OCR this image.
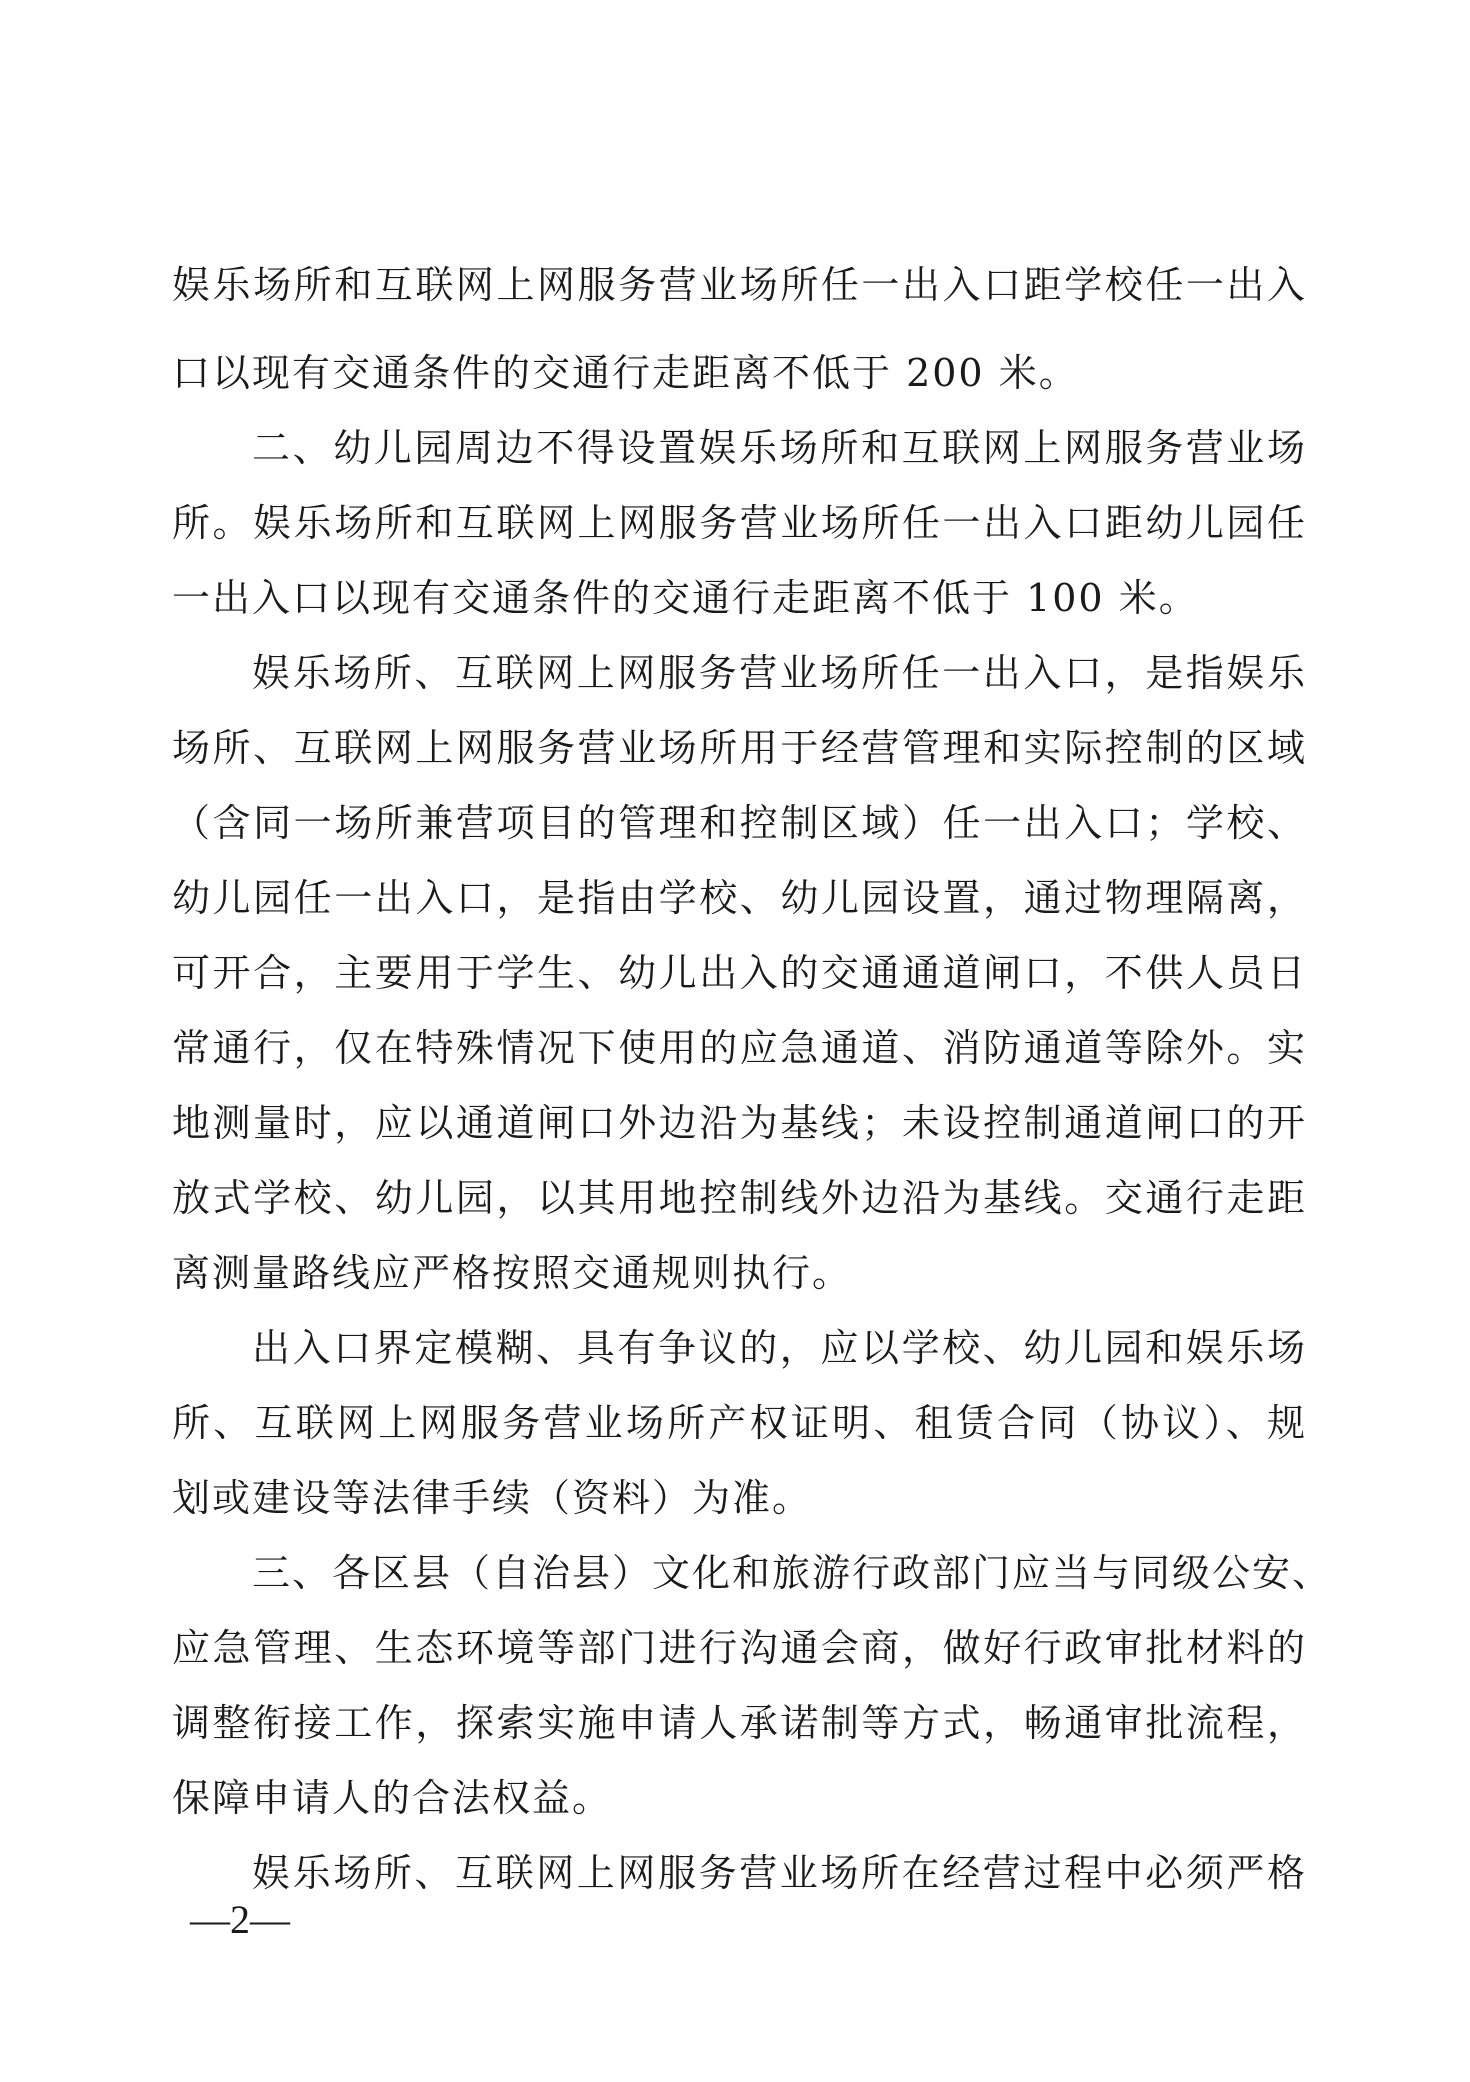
娱乐场所和互联网上网服务营业场所任一出入口距学校任一出入
口以现有交通条件的交通行走距离不低于 200 米。
二、幼儿园周边不得设置娱乐场所和互联网上网服务营业场
所。娱乐场所和互联网上网服务营业场所任一出入口距幼儿园任
一出入口以现有交通条件的交通行走距离不低于 100 米。
娱乐场所、互联网上网服务营业场所任一出入口，是指娱乐
场所、互联网上网服务营业场所用于经营管理和实际控制的区域
（含同一场所兼营项目的管理和控制区域）任一出入口；学校、
幼儿园任一出入口，是指由学校、幼儿园设置，通过物理隔离，
可开合，主要用于学生、幼儿出入的交通通道闸口，不供人员日
常通行，仅在特殊情况下使用的应急通道、消防通道等除外。实
地测量时，应以通道闸口外边沿为基线；未设控制通道闸口的开
放式学校、幼儿园，以其用地控制线外边沿为基线。交通行走距
离测量路线应严格按照交通规则执行。
出入口界定模糊、具有争议的，应以学校、幼儿园和娱乐场
所、互联网上网服务营业场所产权证明、租赁合同（协议）、规
划或建设等法律手续（资料）为准。
三、各区县（自治县）文化和旅游行政部门应当与同级公安、
应急管理、生态环境等部门进行沟通会商，做好行政审批材料的
调整衔接工作，探索实施申请人承诺制等方式，畅通审批流程，
保障申请人的合法权益。
娱乐场所、互联网上网服务营业场所在经营过程中必须严格
—2—
